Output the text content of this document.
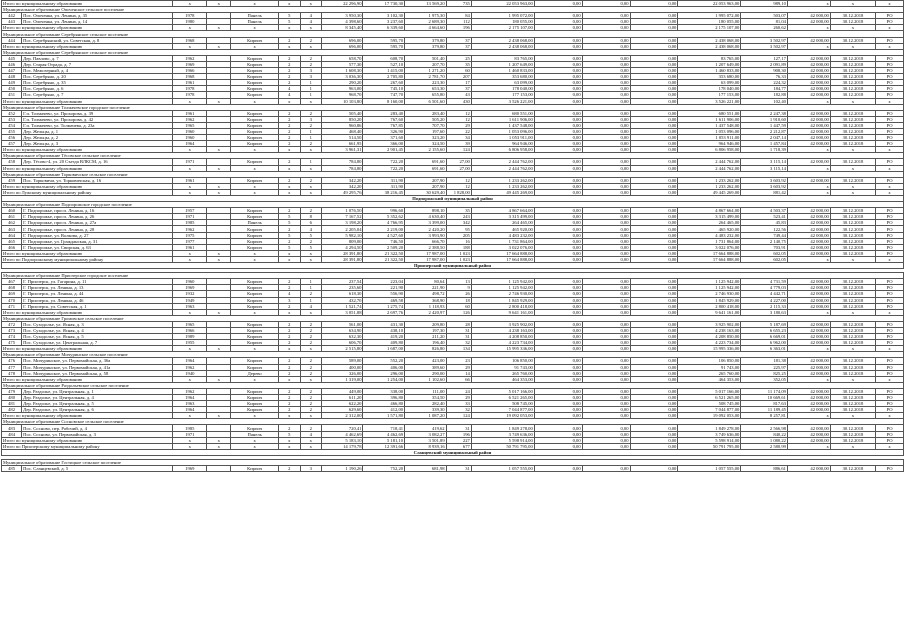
Итого по муниципальному образованию		x	x	x	x	x	22 296,90	17 730,30	13 569,20	735	22 053 963,00	0,00	0,00	0,00	22 053 963,00	989,10	x	x	x
Муниципальное образование Опоченское сельское поселение																			
442	Пос. Опоченка, ул. Ленина, д. 35	1978		Панель	5	4	3 950,30	3 102,30	1 975,30	84	1 995 072,00	0,00	0,00	0,00	1 995 072,00	503,07	42 000,00	30.12.2018	РО
443	Пос. Опоченка, ул. Ленина, д. 14	1980		Панель	5	4	4 398,60	3 237,60	2 689,30	112	180 055,00	0,00	0,00	0,00	180 055,00	81,04	42 000,00	30.12.2018	РО
Итого по муниципальному образованию		x	x	x	x	x	8 345,40	6 339,60	4 664,60	196	2 175 107,00	0,00	0,00	0,00	2 175 107,00	260,62	x	x	x
Муниципальное образование Серебрянское сельское поселение																			
444	Пос. Серебрянский, ул. Советская, д. 8	1968		Кирпич	2	2	696,00	595,70	379,80	37	2 438 068,00	0,00	0,00	0,00	2 438 068,00	3 502,97	42 000,00	30.12.2018	РО
Итого по муниципальному образованию		x	x	x	x	x	696,00	595,70	379,80	37	2 438 068,00	0,00	0,00	0,00	2 438 068,00	3 502,97	x	x	x
Муниципальное образование Серебрянское сельское поселение																			
445	Дер. Павлово, д. 7	1962		Кирпич	2	2	658,70	608,70	501,40	25	83 765,00	0,00	0,00	0,00	83 765,00	127,17	42 000,00	30.12.2018	РО
446	Дер. Старая Отрада, д. 7	1969		Кирпич	2	2	577,30	527,10	207,70	35	1 207 649,00	0,00	0,00	0,00	1 207 649,00	2 091,89	42 000,00	30.12.2018	РО
447	Пос. Межозерный, д. 4	1966		Кирпич	2	3	1 608,30	1 415,00	1 271,20	60	1 460 833,00	0,00	0,00	0,00	1 460 833,00	908,30	42 000,00	30.12.2018	РО
448	Пос. Серебряно, д. 20	1968		Кирпич	2	3	3 036,30	2 705,80	2 781,70	207	353 680,00	0,00	0,00	0,00	353 680,00	76,33	42 000,00	30.12.2018	РО
449	Пос. Серебряно, д. 35	1961		Кирпич	2	1	290,20	267,60	223,30	17	63 099,00	0,00	0,00	0,00	63 099,00	224,32	42 000,00	30.12.2018	РО
450	Пос. Серебряно, д. 6	1978		Кирпич	4	1	963,00	745,10	653,30	37	178 040,00	0,00	0,00	0,00	178 040,00	184,77	42 000,00	30.12.2018	РО
451	Пос. Серебряно, д. 7	1978		Кирпич	4	1	968,70	747,70	655,80	43	177 153,00	0,00	0,00	0,00	177 153,00	182,88	42 000,00	30.12.2018	РО
Итого по муниципальному образованию		x	x	x	x	x	10 103,80	8 160,00	6 501,60	430	3 526 221,00	0,00	0,00	0,00	3 526 221,00	102,40	x	x	x
Муниципальное образование Толмачевское городское поселение																			
452	Г.п. Толмачево, ул. Прохорова, д. 39	1961		Кирпич	2	2	505,40	283,40	283,40	12	680 551,00	0,00	0,00	0,00	680 551,00	2 247,38	42 000,00	30.12.2018	РО
453	Г.п. Толмачево, ул. Прохорова, д. 42	1962		Кирпич	2	3	850,20	767,60	505,20	12	1 611 906,00	0,00	0,00	0,00	1 611 906,00	1 910,60	42 000,00	30.12.2018	РО
454	Г.п. Толмачево, ул. Толмачева, д. 23а	1965		Кирпич	2	2	960,86	767,85	707,70	29	1 437 548,00	0,00	0,00	0,00	1 437 548,00	1 447,59	42 000,00	30.12.2018	РО
455	Дер. Жельцы, д. 1	1960		Кирпич	2	1	468,40	326,90	197,60	22	1 053 096,00	0,00	0,00	0,00	1 053 096,00	2 212,87	42 000,00	30.12.2018	РО
456	Дер. Жельцы, д. 2	1960		Кирпич	2	1	514,50	371,60	323,20	34	1 053 911,00	0,00	0,00	0,00	1 053 911,00	2 047,14	42 000,00	30.12.2018	РО
457	Дер. Жельцы, д. 3	1964		Кирпич	2	2	661,95	366,00	324,50	39	964 946,00	0,00	0,00	0,00	964 946,00	1 457,84	42 000,00	30.12.2018	РО
Итого по муниципальному образованию		x	x	x	x	x	3 961,31	2 901,45	2 155,60	124	6 806 958,00	0,00	0,00	0,00	6 806 958,00	1 718,39	x	x	x
Муниципальное образование Тёсовское сельское поселение																			
458	Дер. Тёсово-4, ул. 20 Съезда ВЛКСМ, д. 16	1971		Кирпич	2	1	784,80	722,20	691,60	27,00	2 444 762,00	0,00	0,00	0,00	2 444 762,00	3 115,14	42 000,00	30.12.2018	РО
Итого по муниципальному образованию		x	x	x	x	x	784,80	722,20	691,60	27,00	2 444 762,00	0,00	0,00	0,00	2 444 762,00	3 115,14	x	x	x
Муниципальное образование Торковичское сельское поселение																			
459	Пос. Торковичи, ул. Торковичская, д. 16	1961		Кирпич	2	2	342,20	311,90	207,90	12	1 233 262,00	0,00	0,00	0,00	1 233 262,00	3 603,92	42 000,00	30.12.2018	РО
Итого по муниципальному образованию		x	x	x	x	x	342,20	311,90	207,90	12	1 233 262,00	0,00	0,00	0,00	1 233 262,00	3 603,92	x	x	x
Итого по Лужскому муниципальному району		x	x	x	x	x	49 295,76	38 216,45	30 629,40	1 828,00	49 445 269,00	0,00	0,00	0,00	49 445 269,00	881,42	x	x	x
Подпорожский муниципальный район																			
Муниципальное образование Подпорожское городское поселение																			
460	Г. Подпорожье, просп. Ленина, д. 16	1957		Кирпич	2	2	1 076,50	996,60	898,10	35	4 867 664,00	0,00	0,00	0,00	4 867 664,00	4 503,37	42 000,00	30.12.2018	РО
461	Г. Подпорожье, просп. Ленина, д. 26	1971		Кирпич	5	8	7 167,52	5 352,62	4 630,40	243	3 315 499,00	0,00	0,00	0,00	3 315 499,00	523,41	42 000,00	30.12.2018	РО
462	Г. Подпорожье, просп. Ленина, д. 27а	1985		Панель	5	6	3 198,20	4 766,95	3 399,00	342	264 465,00	0,00	0,00	0,00	264 465,00	45,83	42 000,00	30.12.2018	РО
463	Г. Подпорожье, просп. Ленина, д. 28	1962		Кирпич	2	4	2 205,04	2 219,00	2 420,20	95	465 920,00	0,00	0,00	0,00	465 920,00	122,56	42 000,00	30.12.2018	РО
464	Г. Подпорожье, ул. Волкова, д. 27	1975		Кирпич	5	5	5 982,10	4 527,60	3 993,90	205	4 483 232,00	0,00	0,00	0,00	4 483 232,00	749,44	42 000,00	30.12.2018	РО
465	Г. Подпорожье, ул. Гражданская, д. 31	1977		Кирпич	2	2	809,00	746,50	666,70	16	1 731 864,00	0,00	0,00	0,00	1 731 864,00	2 140,75	42 000,00	30.12.2018	РО
466	Г. Подпорожье, ул. Свирская, д. 63	1961		Кирпич	5	5	4 294,50	2 509,20	2 388,50	188	3 022 076,00	0,00	0,00	0,00	3 022 076,00	703,91	42 000,00	30.12.2018	РО
Итого по муниципальному образованию		x	x	x	x	x	28 391,80	21 322,50	17 987,00	1 023	17 664 888,00	0,00	0,00	0,00	17 664 888,00	602,05	42 000,00	30.12.2018	РО
Итого по Подпорожскому муниципальному району		x	x	x	x	x	28 391,80	21 322,50	17 987,00	1 023	17 664 888,00	0,00	0,00	0,00	17 664 888,00	602,05	x	x	x
Приозерский муниципальный район																			

Муниципальное образование Приозерское городское поселение																			
467	Г. Приозерск, ул. Гагарина, д. 11	1960		Кирпич	2	1	237,54	223,04	80,64	13	1 125 942,00	0,00	0,00	0,00	1 125 942,00	4 731,59	42 000,00	30.12.2018	РО
468	Г. Приозерск, ул. Ленина, д. 13	1969		Кирпич	2	1	235,60	221,90	221,90	9	1 125 942,00	0,00	0,00	0,00	1 125 942,00	4 779,03	42 000,00	30.12.2018	РО
469	Г. Приозерск, ул. Ленина, д. 44	1932		Кирпич	4	2	618,30	556,90	498,72	26	2 746 930,00	0,00	0,00	0,00	2 746 930,00	4 442,71	42 000,00	30.12.2018	РО
470	Г. Приозерск, ул. Ленина, д. 46	1949		Кирпич	3	1	432,70	469,58	368,90	18	1 845 929,00	0,00	0,00	0,00	1 845 929,00	4 227,00	42 000,00	30.12.2018	РО
471	Г. Приозерск, ул. Советская, д. 1	1963		Кирпич	2	4	1 521,74	1 275,74	1 118,93	60	2 800 418,00	0,00	0,00	0,00	2 800 418,00	2 115,33	42 000,00	30.12.2018	РО
Итого по муниципальному образованию		x	x	x	x	x	3 051,88	2 697,76	2 420,97	126	9 641 161,00	0,00	0,00	0,00	9 641 161,00	3 180,63	x	x	x
Муниципальное образование Громовское сельское поселение																			
472	Пос. Суходолье, ул. Ясная, д. 3	1965		Кирпич	2	2	561,00	431,30	209,80	28	3 925 902,00	0,00	0,00	0,00	3 925 902,00	5 187,69	42 000,00	30.12.2018	РО
473	Пос. Суходолье, ул. Ясная, д. 4	1966		Кирпич	2	2	634,90	438,10	197,30	31	4 238 163,00	0,00	0,00	0,00	4 238 163,00	6 655,23	42 000,00	30.12.2018	РО
474	Пос. Суходолье, ул. Ясная, д. 5	1989		Кирпич	2	2	632,30	419,20	211,20	31	4 208 850,00	0,00	0,00	0,00	4 208 850,00	6 669,01	42 000,00	30.12.2018	РО
475	Пос. Суходолье, ул. Центральная, д. 7	1955		Кирпич	2	2	606,70	409,80	196,40	32	4 223 734,00	0,00	0,00	0,00	4 223 734,00	6 962,00	42 000,00	30.12.2018	РО
Итого по муниципальному образованию		x	x	x	x	x	2 515,80	1 687,00	826,80	134	15 995 336,00	0,00	0,00	0,00	15 995 336,00	6 363,01	x	x	x
Муниципальное образование Мичуринское сельское поселение																			
476	Пос. Мичуринское, ул. Первомайская, д. 36а	1964		Кирпич	2	2	589,00	552,20	423,00	23	106 850,00	0,00	0,00	0,00	106 850,00	181,38	42 000,00	30.12.2018	РО
477	Пос. Мичуринское, ул. Первомайская, д. 41а	1962		Кирпич	2	2	400,00	406,00	389,60	29	91 743,00	0,00	0,00	0,00	91 743,00	225,97	42 000,00	30.12.2018	РО
478	Пос. Мичуринское, ул. Первомайская, д. 58	1940		Дерево	2	2	326,00	296,00	290,00	14	265 760,00	0,00	0,00	0,00	265 760,00	825,25	42 000,00	30.12.2018	РО
Итого по муниципальному образованию		x	x	x	x	x	1 319,00	1 254,00	1 102,60	66	464 353,00	0,00	0,00	0,00	464 353,00	352,05	x	x	x
Муниципальное образование Раздольевское сельское поселение																			
479	Дер. Раздолье, ул. Центральная, д. 1	1962		Кирпич	2	2	449,00	338,00	111,00	24	5 017 166,00	0,00	0,00	0,00	5 017 166,00	11 174,09	42 000,00	30.12.2018	РО
480	Дер. Раздолье, ул. Центральная, д. 4	1964		Кирпич	2	2	611,20	396,80	354,50	29	6 521 265,00	0,00	0,00	0,00	6 521 265,00	10 669,61	42 000,00	30.12.2018	РО
481	Дер. Раздолье, ул. Центральная, д. 5	1963		Кирпич	2	2	622,20	466,80	282,40	33	508 745,00	0,00	0,00	0,00	508 745,00	817,63	42 000,00	30.12.2018	РО
482	Дер. Раздолье, ул. Центральная, д. 6	1964		Кирпич	2	2	629,60	412,00	339,30	32	7 044 877,00	0,00	0,00	0,00	7 044 877,00	11 189,45	42 000,00	30.12.2018	РО
Итого по муниципальному образованию		x	x	x	x	x	2 312,00	1 571,80	1 087,20	124	19 092 053,00	0,00	0,00	0,00	19 092 053,00	8 257,81	x	x	x
Муниципальное образование Сосновское сельское поселение																			
483	Пос. Сосново, пер. Рабочий, д. 4	1985		Кирпич	2	2	720,41	718,41	419,62	31	1 849 278,00	0,00	0,00	0,00	1 849 278,00	2 566,98	42 000,00	30.12.2018	РО
484	Пос. Сосново, ул. Первомайская, д. 3	1971		Панель	5	4	4 462,69	4 462,69	3 082,27	196	3 749 636,00	0,00	0,00	0,00	3 749 636,00	840,22	42 000,00	30.12.2018	РО
Итого по муниципальному образованию		x	x	x	x	x	5 183,10	5 181,10	3 501,89	227	5 598 914,00	0,00	0,00	0,00	5 598 914,00	1 080,22	42 000,00	30.12.2018	РО
Итого по Приозерскому муниципальному району		x	x	x	x	x	14 179,78	12 391,66	8 939,16	677	50 791 795,00	0,00	0,00	0,00	50 791 795,00	2 580,99	x	x	x
Сланцевский муниципальный район																			

Муниципальное образование Гостицкое сельское поселение																			
485	Пос. Сланцевский, д. 5	1969		Кирпич	2	3	1 190,26	752,20	681,98	31	1 057 555,00	0,00	0,00	0,00	1 057 555,00	886,61	42 000,00	30.12.2018	РО
